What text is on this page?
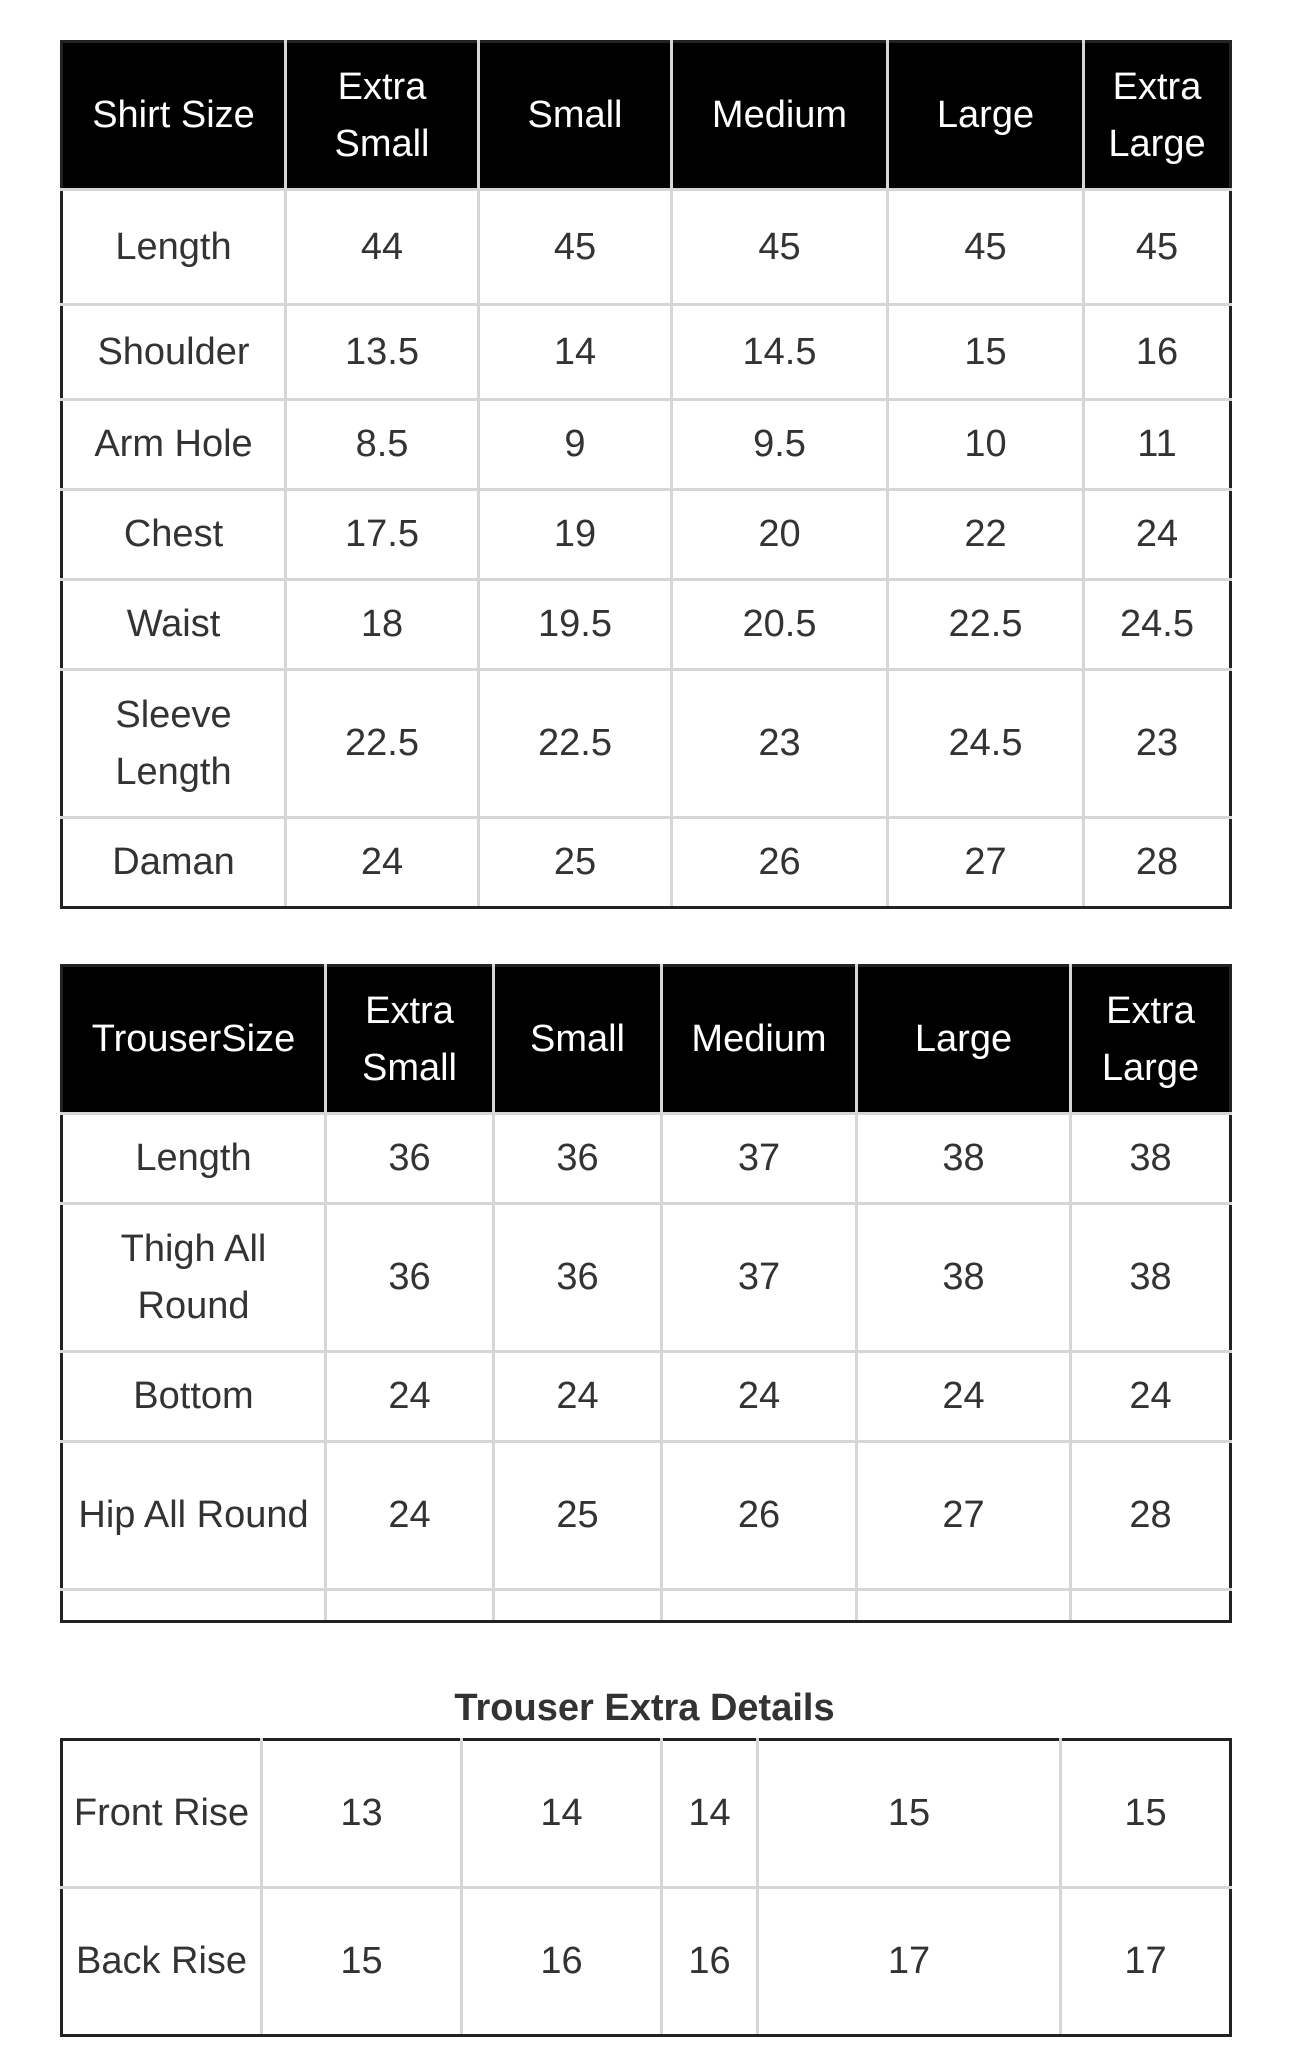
Shirt Size	Extra Small	Small	Medium	Large	Extra Large
Length	44	45	45	45	45
Shoulder	13.5	14	14.5	15	16
Arm Hole	8.5	9	9.5	10	11
Chest	17.5	19	20	22	24
Waist	18	19.5	20.5	22.5	24.5
Sleeve Length	22.5	22.5	23	24.5	23
Daman	24	25	26	27	28
TrouserSize	Extra Small	Small	Medium	Large	Extra Large
Length	36	36	37	38	38
Thigh All Round	36	36	37	38	38
Bottom	24	24	24	24	24
Hip All Round	24	25	26	27	28

Trouser Extra Details
Front Rise	13	14	14	15	15
Back Rise	15	16	16	17	17
